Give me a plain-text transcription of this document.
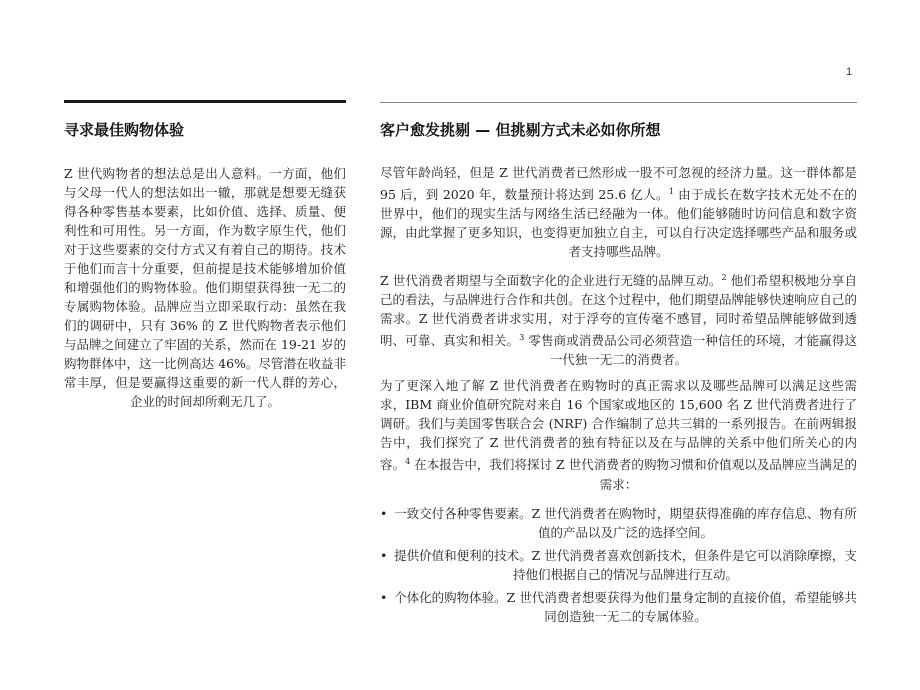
1
寻求最佳购物体验

Z 世代购物者的想法总是出人意料。一方面，他们与父母一代人的想法如出一辙，那就是想要无缝获得各种零售基本要素，比如价值、选择、质量、便利性和可用性。另一方面，作为数字原生代，他们对于这些要素的交付方式又有着自己的期待。技术于他们而言十分重要，但前提是技术能够增加价值和增强他们的购物体验。他们期望获得独一无二的专属购物体验。品牌应当立即采取行动：虽然在我们的调研中，只有 36% 的 Z 世代购物者表示他们与品牌之间建立了牢固的关系，然而在 19-21 岁的购物群体中，这一比例高达 46%。尽管潜在收益非常丰厚，但是要赢得这重要的新一代人群的芳心，企业的时间却所剩无几了。

客户愈发挑剔 — 但挑剔方式未必如你所想

尽管年龄尚轻，但是 Z 世代消费者已然形成一股不可忽视的经济力量。这一群体都是 95 后，到 2020 年，数量预计将达到 25.6 亿人。$^1$ 由于成长在数字技术无处不在的世界中，他们的现实生活与网络生活已经融为一体。他们能够随时访问信息和数字资源，由此掌握了更多知识，也变得更加独立自主，可以自行决定选择哪些产品和服务或者支持哪些品牌。

Z 世代消费者期望与全面数字化的企业进行无缝的品牌互动。$^2$ 他们希望积极地分享自己的看法，与品牌进行合作和共创。在这个过程中，他们期望品牌能够快速响应自己的需求。Z 世代消费者讲求实用，对于浮夸的宣传毫不感冒，同时希望品牌能够做到透明、可靠、真实和相关。$^3$ 零售商或消费品公司必须营造一种信任的环境，才能赢得这一代独一无二的消费者。

为了更深入地了解 Z 世代消费者在购物时的真正需求以及哪些品牌可以满足这些需求，IBM 商业价值研究院对来自 16 个国家或地区的 15,600 名 Z 世代消费者进行了调研。我们与美国零售联合会 (NRF) 合作编制了总共三辑的一系列报告。在前两辑报告中，我们探究了 Z 世代消费者的独有特征以及在与品牌的关系中他们所关心的内容。$^4$ 在本报告中，我们将探讨 Z 世代消费者的购物习惯和价值观以及品牌应当满足的需求：

• 一致交付各种零售要素。Z 世代消费者在购物时，期望获得准确的库存信息、物有所值的产品以及广泛的选择空间。
• 提供价值和便利的技术。Z 世代消费者喜欢创新技术，但条件是它可以消除摩擦，支持他们根据自己的情况与品牌进行互动。
• 个体化的购物体验。Z 世代消费者想要获得为他们量身定制的直接价值，希望能够共同创造独一无二的专属体验。
